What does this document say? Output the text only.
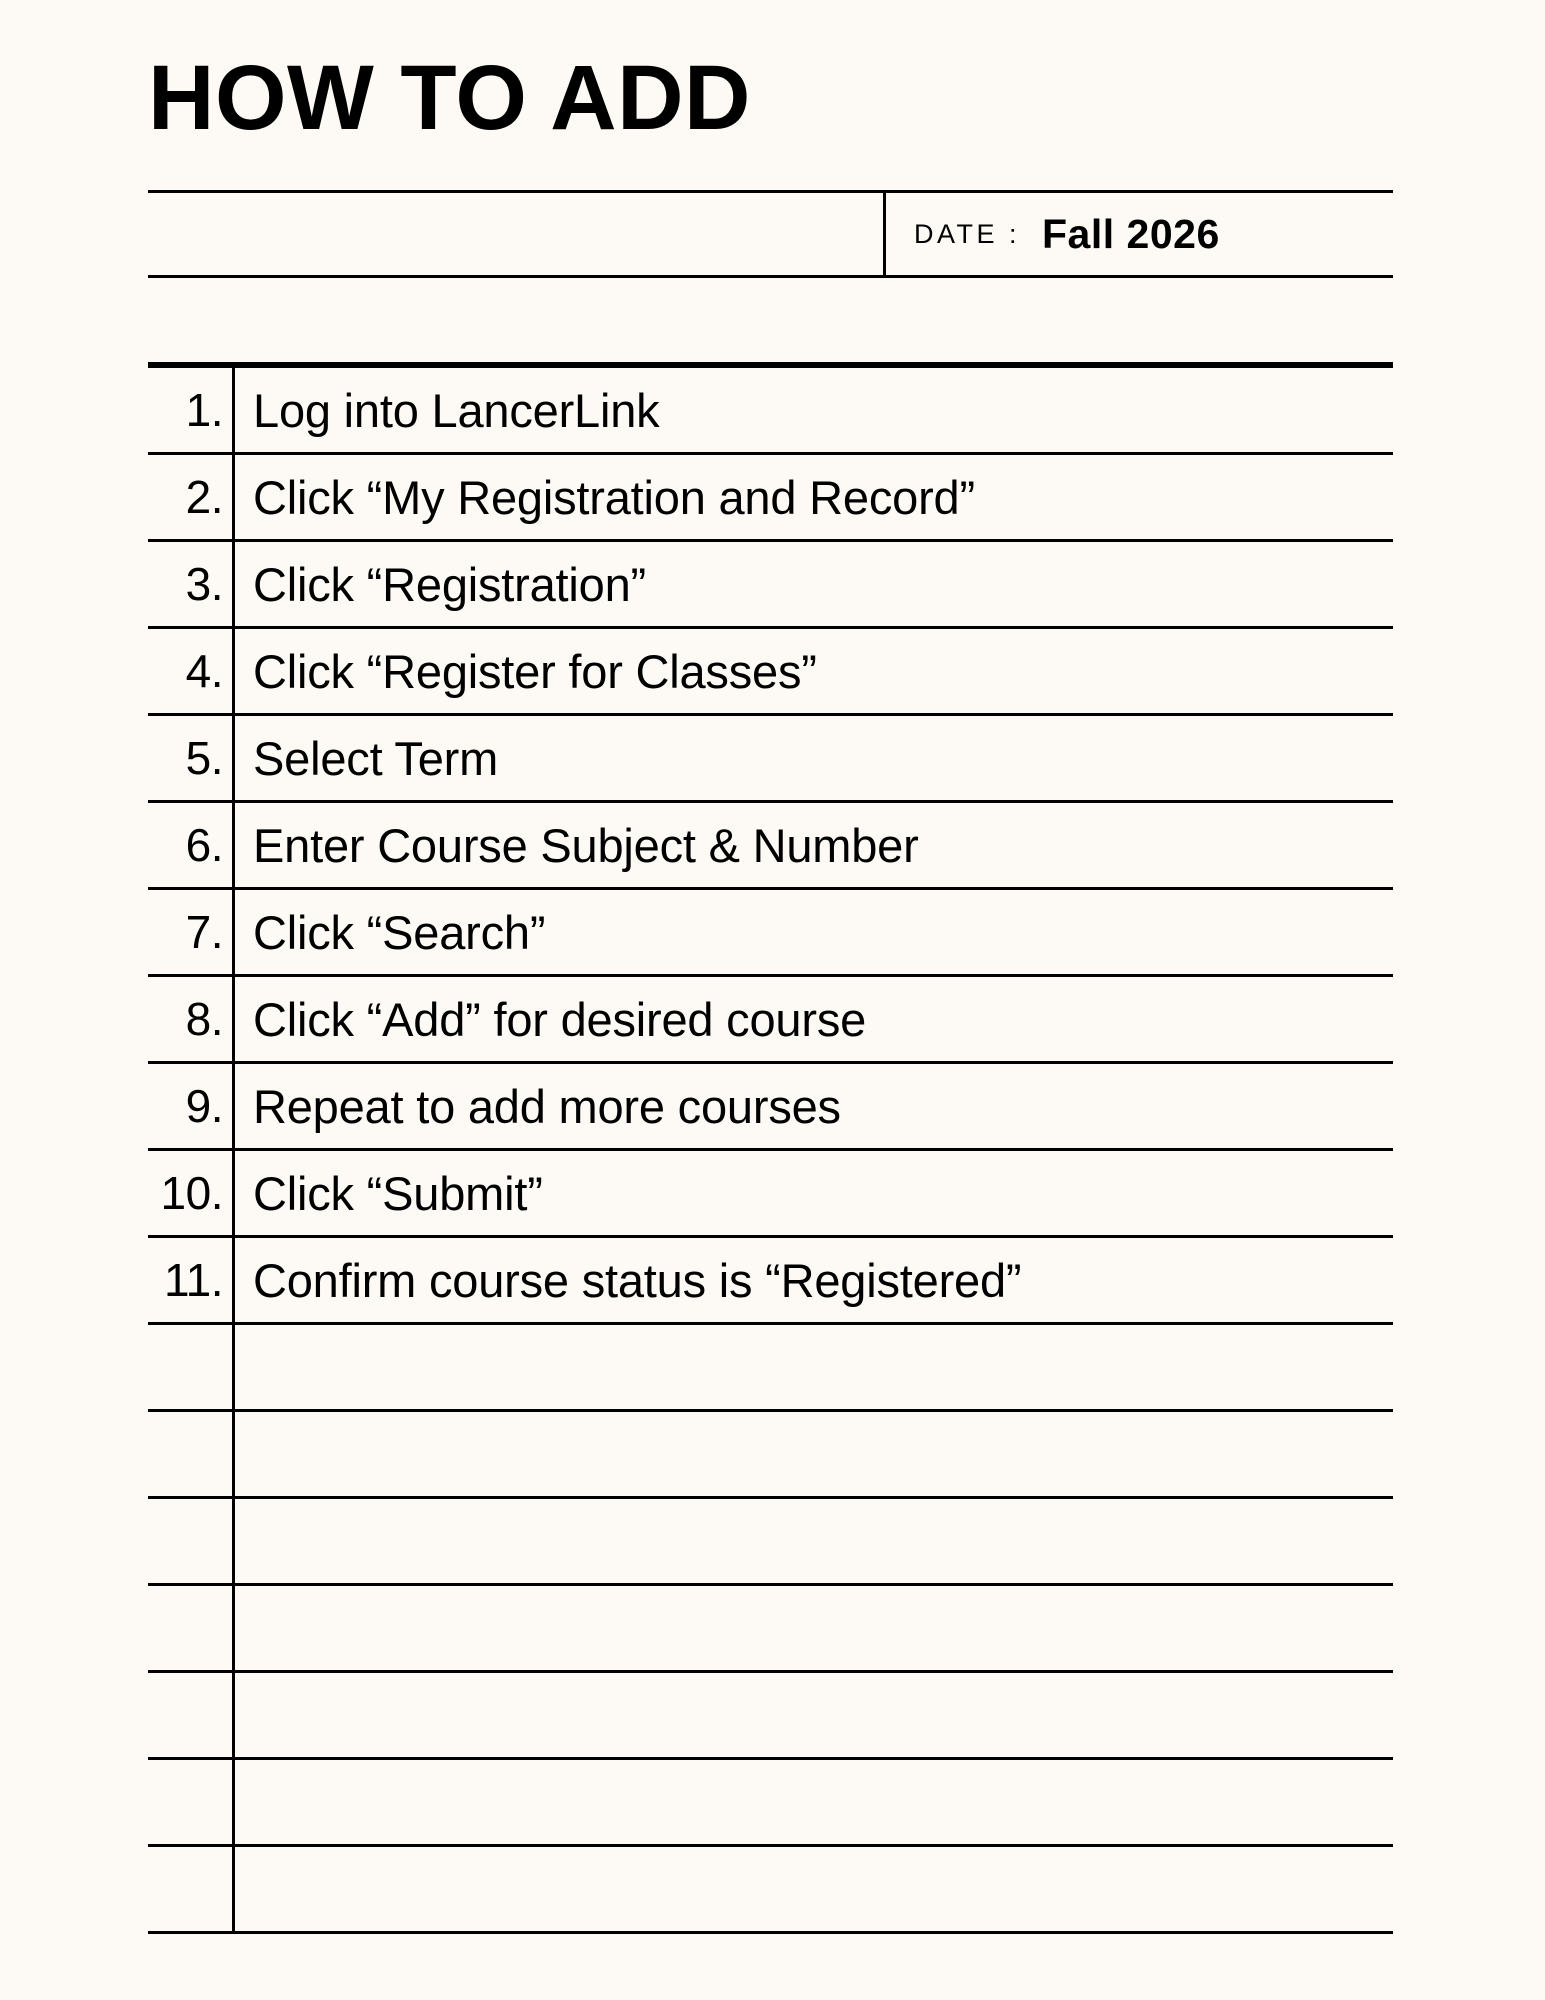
HOW TO ADD
DATE : Fall 2026
1. Log into LancerLink
2. Click “My Registration and Record”
3. Click “Registration”
4. Click “Register for Classes”
5. Select Term
6. Enter Course Subject & Number
7. Click “Search”
8. Click “Add” for desired course
9. Repeat to add more courses
10. Click “Submit”
11. Confirm course status is “Registered”
